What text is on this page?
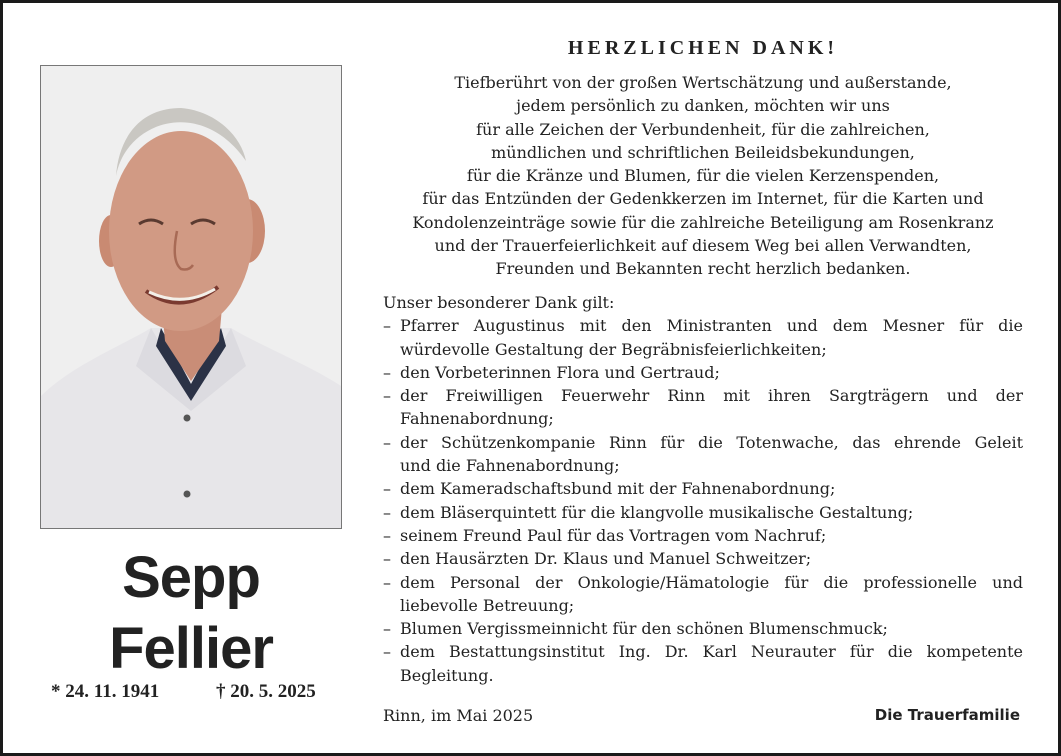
Sepp
Fellier
* 24. 11. 1941	† 20. 5. 2025
HERZLICHEN DANK!
Tiefberührt von der großen Wertschätzung und außerstande,
jedem persönlich zu danken, möchten wir uns
für alle Zeichen der Verbundenheit, für die zahlreichen,
mündlichen und schriftlichen Beileidsbekundungen,
für die Kränze und Blumen, für die vielen Kerzenspenden,
für das Entzünden der Gedenkkerzen im Internet, für die Karten und
Kondolenzeinträge sowie für die zahlreiche Beteiligung am Rosenkranz
und der Trauerfeierlichkeit auf diesem Weg bei allen Verwandten,
Freunden und Bekannten recht herzlich bedanken.
Unser besonderer Dank gilt:
– Pfarrer Augustinus mit den Ministranten und dem Mesner für die
würdevolle Gestaltung der Begräbnisfeierlichkeiten;
– den Vorbeterinnen Flora und Gertraud;
– der Freiwilligen Feuerwehr Rinn mit ihren Sargträgern und der
Fahnenabordnung;
– der Schützenkompanie Rinn für die Totenwache, das ehrende Geleit
und die Fahnenabordnung;
– dem Kameradschaftsbund mit der Fahnenabordnung;
– dem Bläserquintett für die klangvolle musikalische Gestaltung;
– seinem Freund Paul für das Vortragen vom Nachruf;
– den Hausärzten Dr. Klaus und Manuel Schweitzer;
– dem Personal der Onkologie/Hämatologie für die professionelle und
liebevolle Betreuung;
– Blumen Vergissmeinnicht für den schönen Blumenschmuck;
– dem Bestattungsinstitut Ing. Dr. Karl Neurauter für die kompetente
Begleitung.
Rinn, im Mai 2025	Die Trauerfamilie
